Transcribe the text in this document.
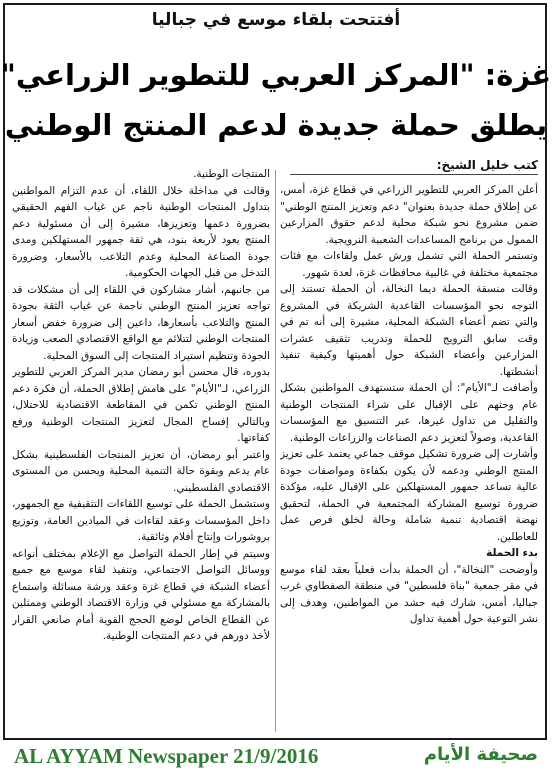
أفتتحت بلقاء موسع في جباليا
غزة: "المركز العربي للتطوير الزراعي"
يطلق حملة جديدة لدعم المنتج الوطني
كتب خليل الشيخ:

أعلن المركز العربي للتطوير الزراعي في قطاع غزة، أمس، عن إطلاق حملة جديدة بعنوان" دعم وتعزيز المنتج الوطني" ضمن مشروع نحو شبكة محلية لدعم حقوق المزارعين الممول من برنامج المساعدات الشعبية النرويجية.

وتستمر الحملة التي تشمل ورش عمل ولقاءات مع فئات مجتمعية مختلفة في غالبية محافظات غزة، لعدة شهور.

وقالت منسقة الحملة ديما النخالة، أن الحملة تستند إلى التوجه نحو المؤسسات القاعدية الشريكة في المشروع والتي تضم أعضاء الشبكة المحلية، مشيرة إلى أنه تم في وقت سابق الترويج للحملة وتدريب تثقيف عشرات المزارعين وأعضاء الشبكة حول أهميتها وكيفية تنفيذ أنشطتها.

وأضافت لـ"الأيام": أن الحملة ستستهدف المواطنين بشكل عام وحثهم على الإقبال على شراء المنتجات الوطنية والتقليل من تداول غيرها، عبر التنسيق مع المؤسسات القاعدية، وصولاً لتعزيز دعم الصناعات والزراعات الوطنية.

وأشارت إلى ضرورة تشكيل موقف جماعي يعتمد على تعزيز المنتج الوطني ودعمه لأن يكون بكفاءة ومواصفات جودة عالية تساعد جمهور المستهلكين على الإقبال عليه، مؤكدة ضرورة توسيع المشاركة المجتمعية في الحملة، لتحقيق نهضة اقتصادية تنمية شاملة وحالة لخلق فرص عمل للعاطلين.

بدء الحملة

وأوضحت "النخالة"، أن الحملة بدأت فعلياً بعقد لقاء موسع في مقر جمعية "بناة فلسطين" في منطقة الصفطاوي غرب جباليا، أمس، شارك فيه حشد من المواطنين، وهدف إلى نشر التوعية حول أهمية تداول

المنتجات الوطنية.

وقالت في مداخلة خلال اللقاء، أن عدم التزام المواطنين بتداول المنتجات الوطنية ناجم عن غياب الفهم الحقيقي بضرورة دعمها وتعزيزها، مشيرة إلى أن مسئولية دعم المنتج يعود لأربعة بنود، هي ثقة جمهور المستهلكين ومدى جودة الصناعة المحلية وعدم التلاعب بالأسعار، وضرورة التدخل من قبل الجهات الحكومية.

من جانبهم، أشار مشاركون في اللقاء إلى أن مشكلات قد تواجه تعزيز المنتج الوطني ناجمة عن غياب الثقة بجودة المنتج والتلاعب بأسعارها، داعين إلى ضرورة خفض أسعار المنتجات الوطني لتتلائم مع الواقع الاقتصادي الصعب وزيادة الجودة وتنظيم استيراد المنتجات إلى السوق المحلية.

بدوره، قال محسن أبو رمضان مدير المركز العربي للتطوير الزراعي، لـ"الأيام" على هامش إطلاق الحملة، أن فكرة دعم المنتج الوطني تكمن في المقاطعة الاقتصادية للاحتلال، وبالتالي إفساح المجال لتعزيز المنتجات الوطنية ورفع كفاءتها.

واعتبر أبو رمضان، أن تعزيز المنتجات الفلسطينية بشكل عام يدعم وبقوة حالة التنمية المحلية ويحسن من المستوى الاقتصادي الفلسطيني.

وستشمل الحملة على توسيع اللقاءات التثقيفية مع الجمهور، داخل المؤسسات وعقد لقاءات في الميادين العامة، وتوزيع بروشورات وإنتاج أفلام وثائقية.

وسيتم في إطار الحملة التواصل مع الإعلام بمختلف أنواعه ووسائل التواصل الاجتماعي، وتنفيذ لقاء موسع مع جميع أعضاء الشبكة في قطاع غزة وعقد ورشة مسائلة واستماع بالمشاركة مع مسئولي في وزارة الاقتصاد الوطني وممثلين عن القطاع الخاص لوضع الحجج القوية أمام صانعي القرار لأخذ دورهم في دعم المنتجات الوطنية.

AL AYYAM Newspaper 21/9/2016	صحيفة الأيام
